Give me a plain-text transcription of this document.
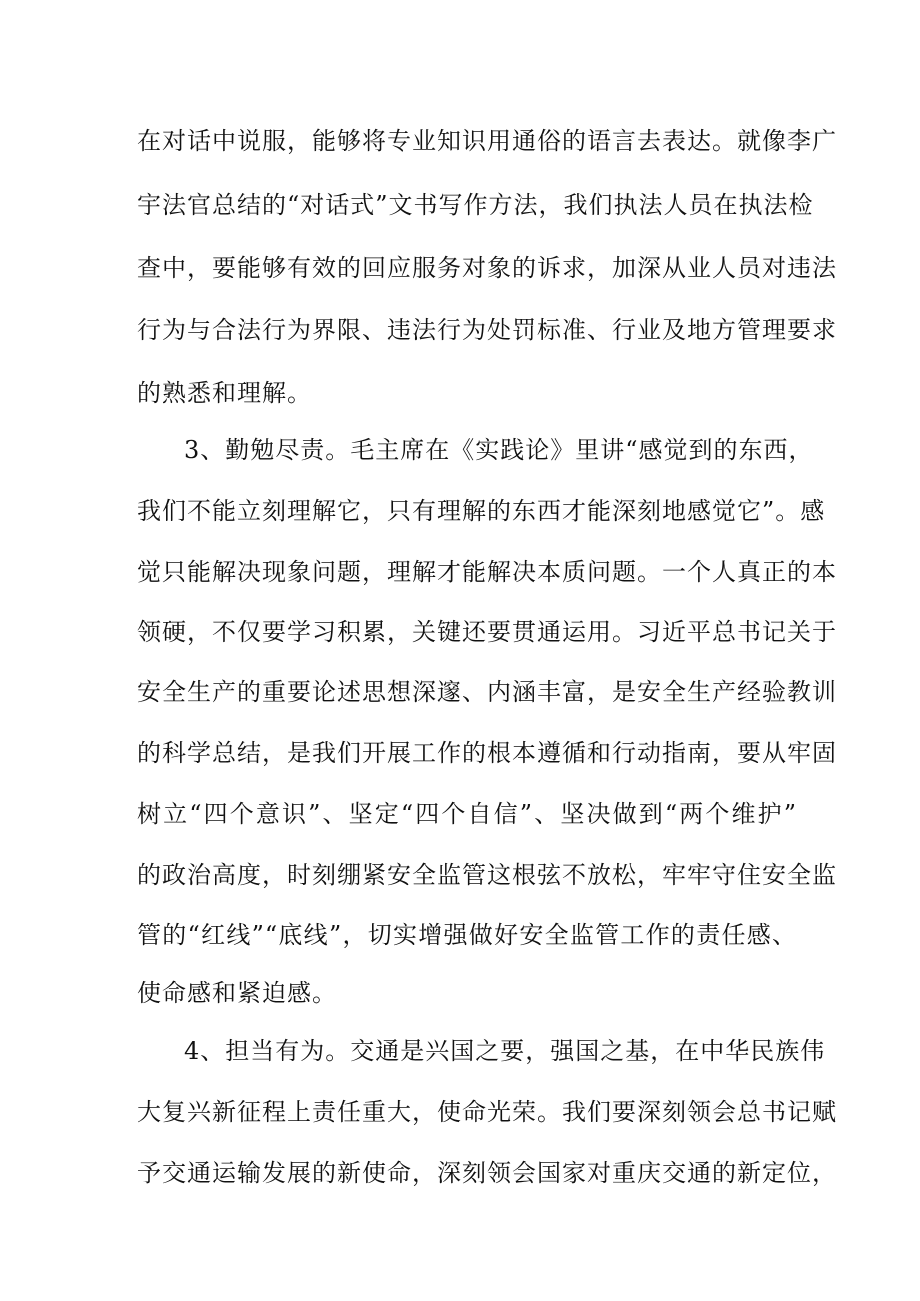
在对话中说服，能够将专业知识用通俗的语言去表达。就像李广
宇法官总结的“对话式”文书写作方法，我们执法人员在执法检
查中，要能够有效的回应服务对象的诉求，加深从业人员对违法
行为与合法行为界限、违法行为处罚标准、行业及地方管理要求
的熟悉和理解。
3、勤勉尽责。毛主席在《实践论》里讲“感觉到的东西，
我们不能立刻理解它，只有理解的东西才能深刻地感觉它”。感
觉只能解决现象问题，理解才能解决本质问题。一个人真正的本
领硬，不仅要学习积累，关键还要贯通运用。习近平总书记关于
安全生产的重要论述思想深邃、内涵丰富，是安全生产经验教训
的科学总结，是我们开展工作的根本遵循和行动指南，要从牢固
树立“四个意识”、坚定“四个自信”、坚决做到“两个维护”
的政治高度，时刻绷紧安全监管这根弦不放松，牢牢守住安全监
管的“红线”“底线”，切实增强做好安全监管工作的责任感、
使命感和紧迫感。
4、担当有为。交通是兴国之要，强国之基，在中华民族伟
大复兴新征程上责任重大，使命光荣。我们要深刻领会总书记赋
予交通运输发展的新使命，深刻领会国家对重庆交通的新定位，
